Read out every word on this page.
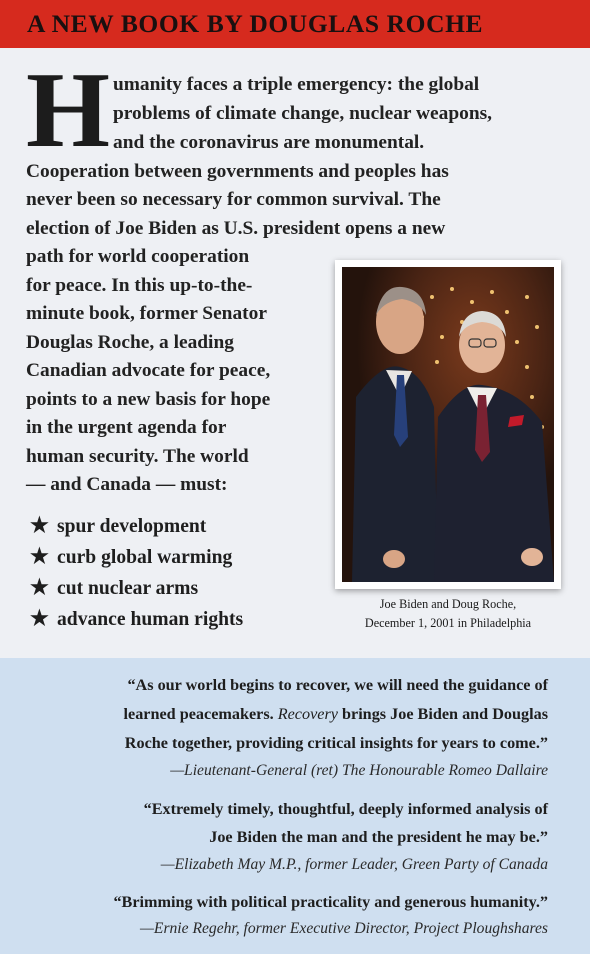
A NEW BOOK BY DOUGLAS ROCHE
H umanity faces a triple emergency: the global
problems of climate change, nuclear weapons,
and the coronavirus are monumental.
Cooperation between governments and peoples has
never been so necessary for common survival. The
election of Joe Biden as U.S. president opens a new
path for world cooperation
for peace. In this up-to-the-
minute book, former Senator
Douglas Roche, a leading
Canadian advocate for peace,
points to a new basis for hope
in the urgent agenda for
human security. The world
— and Canada — must:
★ spur development
★ curb global warming
★ cut nuclear arms
★ advance human rights
Joe Biden and Doug Roche,
December 1, 2001 in Philadelphia
“As our world begins to recover, we will need the guidance of
learned peacemakers. Recovery brings Joe Biden and Douglas
Roche together, providing critical insights for years to come.”
—Lieutenant-General (ret) The Honourable Romeo Dallaire
“Extremely timely, thoughtful, deeply informed analysis of
Joe Biden the man and the president he may be.”
—Elizabeth May M.P., former Leader, Green Party of Canada
“Brimming with political practicality and generous humanity.”
—Ernie Regehr, former Executive Director, Project Ploughshares
